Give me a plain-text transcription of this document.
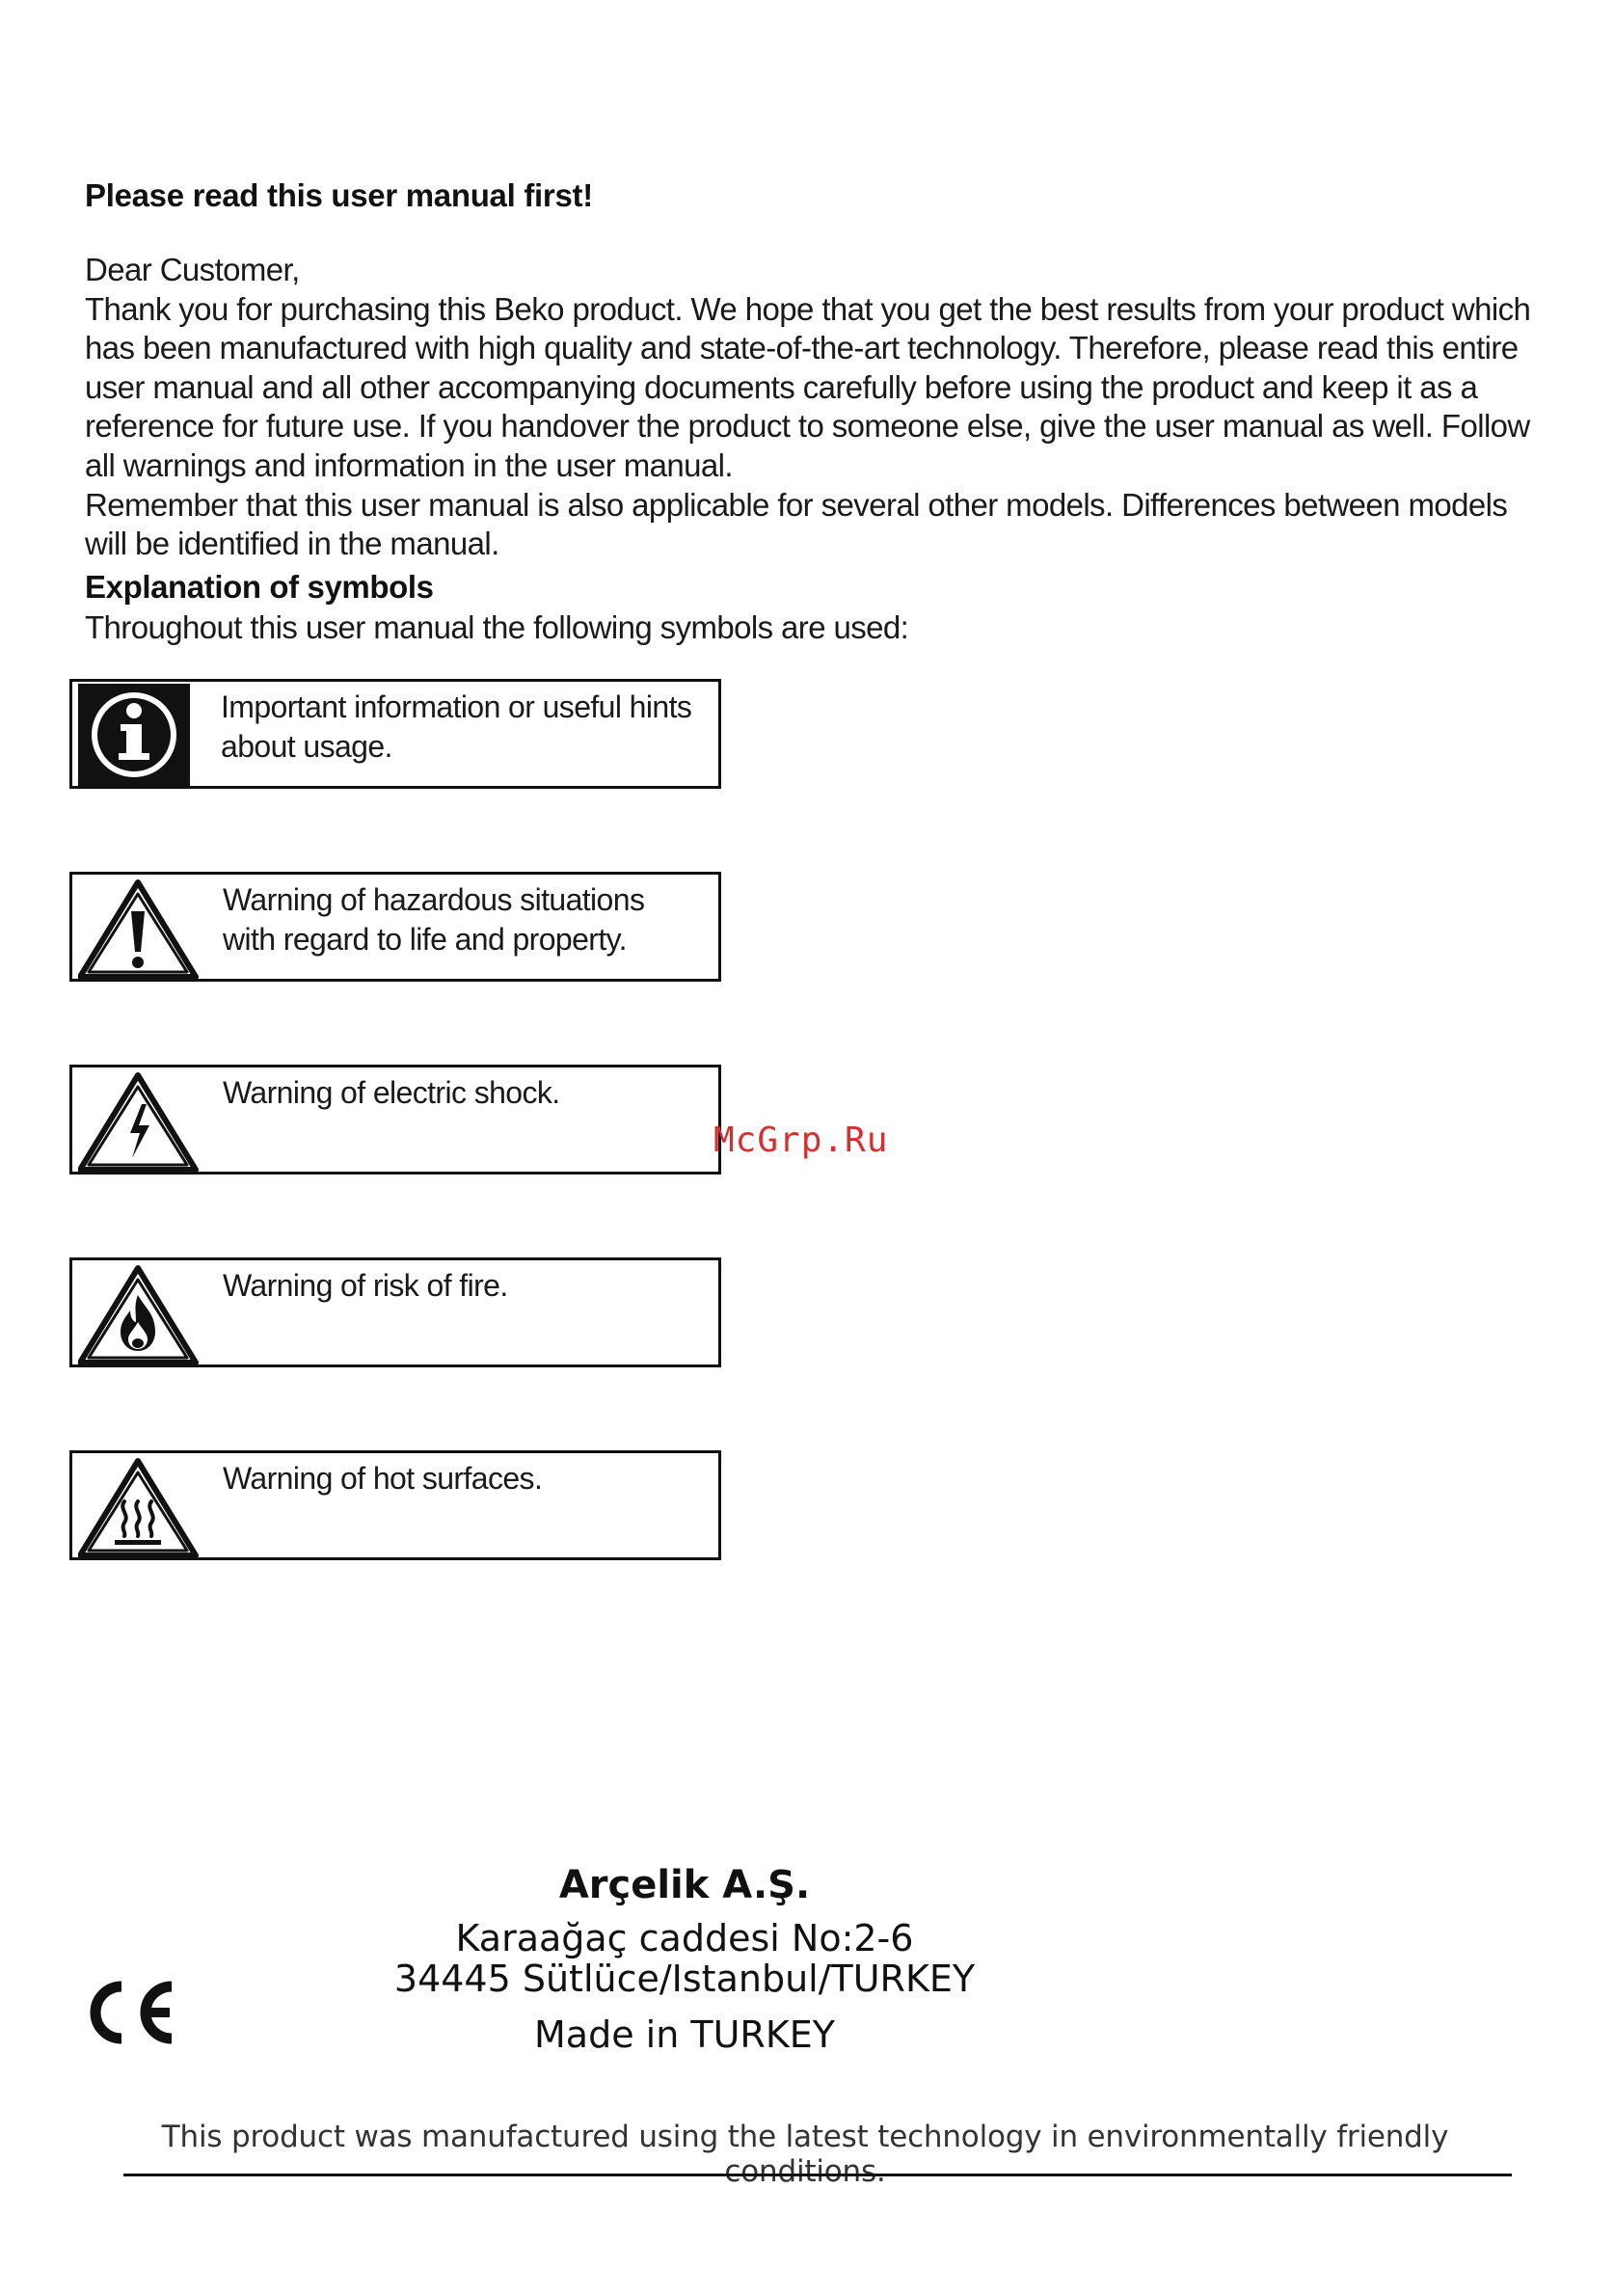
Please read this user manual first!

Dear Customer,

Thank you for purchasing this Beko product. We hope that you get the best results from your product which has been manufactured with high quality and state-of-the-art technology. Therefore, please read this entire user manual and all other accompanying documents carefully before using the product and keep it as a reference for future use. If you handover the product to someone else, give the user manual as well. Follow all warnings and information in the user manual.

Remember that this user manual is also applicable for several other models. Differences between models will be identified in the manual.

Explanation of symbols
Throughout this user manual the following symbols are used:
Important information or useful hints about usage.
Warning of hazardous situations with regard to life and property.
Warning of electric shock.
Warning of risk of fire.
Warning of hot surfaces.
McGrp.Ru
Arçelik A.Ş.
Karaağaç caddesi No:2-6
34445 Sütlüce/Istanbul/TURKEY
Made in TURKEY
This product was manufactured using the latest technology in environmentally friendly conditions.
